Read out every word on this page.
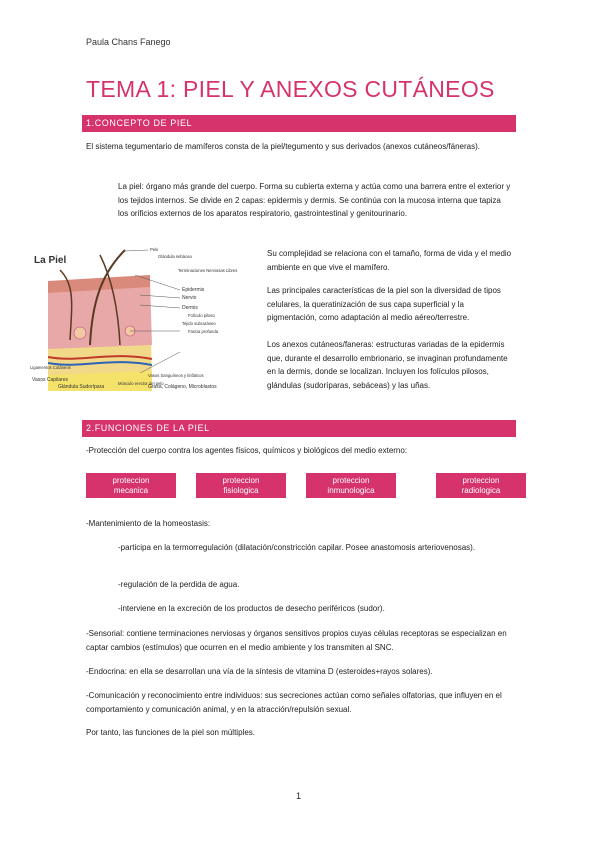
Paula Chans Fanego
TEMA 1: PIEL Y ANEXOS CUTÁNEOS
1.CONCEPTO DE PIEL
El sistema tegumentario de mamíferos consta de la piel/tegumento y sus derivados (anexos cutáneos/fáneras).
La piel: órgano más grande del cuerpo. Forma su cubierta externa y actúa como una barrera entre el exterior y los tejidos internos. Se divide en 2 capas: epidermis y dermis. Se continúa con la mucosa interna que tapiza los orificios externos de los aparatos respiratorio, gastrointestinal y genitourinario.
La Piel
Pelo
Glándula sebácea
Terminaciones Nerviosas Libres
Epidermis
Nervio
Dermis
Folículo piloso
Tejido subcutáneo
Fascia profunda
Vasos Sanguíneos y linfáticos
Músculo erector del pelo
Grasa, Colágeno, Microblastos
Ligamentos Cutáneos
Vasos Capilares
Glándula Sudorípara
Su complejidad se relaciona con el tamaño, forma de vida y el medio ambiente en que vive el mamífero.
Las principales características de la piel son la diversidad de tipos celulares, la queratinización de sus capa superficial y la pigmentación, como adaptación al medio aéreo/terrestre.
Los anexos cutáneos/faneras: estructuras variadas de la epidermis que, durante el desarrollo embrionario, se invaginan profundamente en la dermis, donde se localizan. Incluyen los folículos pilosos, glándulas (sudoríparas, sebáceas) y las uñas.
2.FUNCIONES DE LA PIEL
-Protección del cuerpo contra los agentes físicos, químicos y biológicos del medio externo:
proteccion
mecanica
proteccion
fisiologica
proteccion
inmunologica
proteccion
radiologica
-Mantenimiento de la homeostasis:
-participa en la termorregulación (dilatación/constricción capilar. Posee anastomosis arteriovenosas).
-regulación de la perdida de agua.
-interviene en la excreción de los productos de desecho periféricos (sudor).
-Sensorial: contiene terminaciones nerviosas y órganos sensitivos propios cuyas células receptoras se especializan en captar cambios (estímulos) que ocurren en el medio ambiente y los transmiten al SNC.
-Endocrina: en ella se desarrollan una vía de la síntesis de vitamina D (esteroides+rayos solares).
-Comunicación y reconocimiento entre individuos: sus secreciones actúan como señales olfatorias, que influyen en el comportamiento y comunicación animal, y en la atracción/repulsión sexual.
Por tanto, las funciones de la piel son múltiples.
1
